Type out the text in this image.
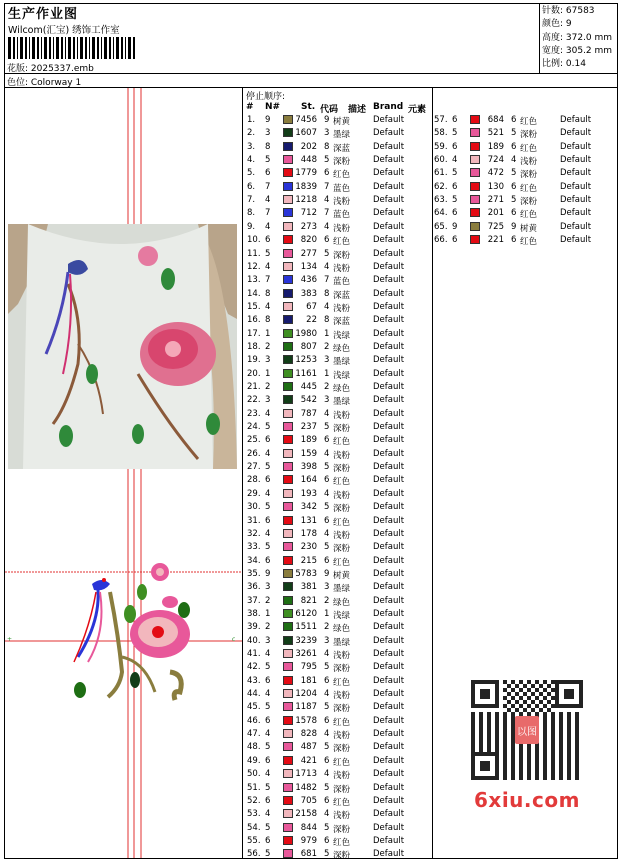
生产作业图
Wilcom(汇宝) 绣饰工作室
花版: 2025337.emb
色位: Colorway 1
针数: 67583
颜色: 9
高度: 372.0 mm
宽度: 305.2 mm
比例: 0.14
+	c
停止顺序:
# N# St. 代码 描述 Brand 元素
1. 9	7456 9 树黄	Default
2. 3	1607 3 墨绿	Default
3. 8	202 8 深蓝	Default
4. 5	448 5 深粉	Default
5. 6	1779 6 红色	Default
6. 7	1839 7 蓝色	Default
7. 4	1218 4 浅粉	Default
8. 7	712 7 蓝色	Default
9. 4	273 4 浅粉	Default
10. 6	820 6 红色	Default
11. 5	277 5 深粉	Default
12. 4	134 4 浅粉	Default
13. 7	436 7 蓝色	Default
14. 8	383 8 深蓝	Default
15. 4	67 4 浅粉	Default
16. 8	22 8 深蓝	Default
17. 1	1980 1 浅绿	Default
18. 2	807 2 绿色	Default
19. 3	1253 3 墨绿	Default
20. 1	1161 1 浅绿	Default
21. 2	445 2 绿色	Default
22. 3	542 3 墨绿	Default
23. 4	787 4 浅粉	Default
24. 5	237 5 深粉	Default
25. 6	189 6 红色	Default
26. 4	159 4 浅粉	Default
27. 5	398 5 深粉	Default
28. 6	164 6 红色	Default
29. 4	193 4 浅粉	Default
30. 5	342 5 深粉	Default
31. 6	131 6 红色	Default
32. 4	178 4 浅粉	Default
33. 5	230 5 深粉	Default
34. 6	215 6 红色	Default
35. 9	5783 9 树黄	Default
36. 3	381 3 墨绿	Default
37. 2	821 2 绿色	Default
38. 1	6120 1 浅绿	Default
39. 2	1511 2 绿色	Default
40. 3	3239 3 墨绿	Default
41. 4	3261 4 浅粉	Default
42. 5	795 5 深粉	Default
43. 6	181 6 红色	Default
44. 4	1204 4 浅粉	Default
45. 5	1187 5 深粉	Default
46. 6	1578 6 红色	Default
47. 4	828 4 浅粉	Default
48. 5	487 5 深粉	Default
49. 6	421 6 红色	Default
50. 4	1713 4 浅粉	Default
51. 5	1482 5 深粉	Default
52. 6	705 6 红色	Default
53. 4	2158 4 浅粉	Default
54. 5	844 5 深粉	Default
55. 6	979 6 红色	Default
56. 5	681 5 深粉	Default
57. 6	684 6 红色	Default
58. 5	521 5 深粉	Default
59. 6	189 6 红色	Default
60. 4	724 4 浅粉	Default
61. 5	472 5 深粉	Default
62. 6	130 6 红色	Default
63. 5	271 5 深粉	Default
64. 6	201 6 红色	Default
65. 9	725 9 树黄	Default
66. 6	221 6 红色	Default
以图
6xiu.com
